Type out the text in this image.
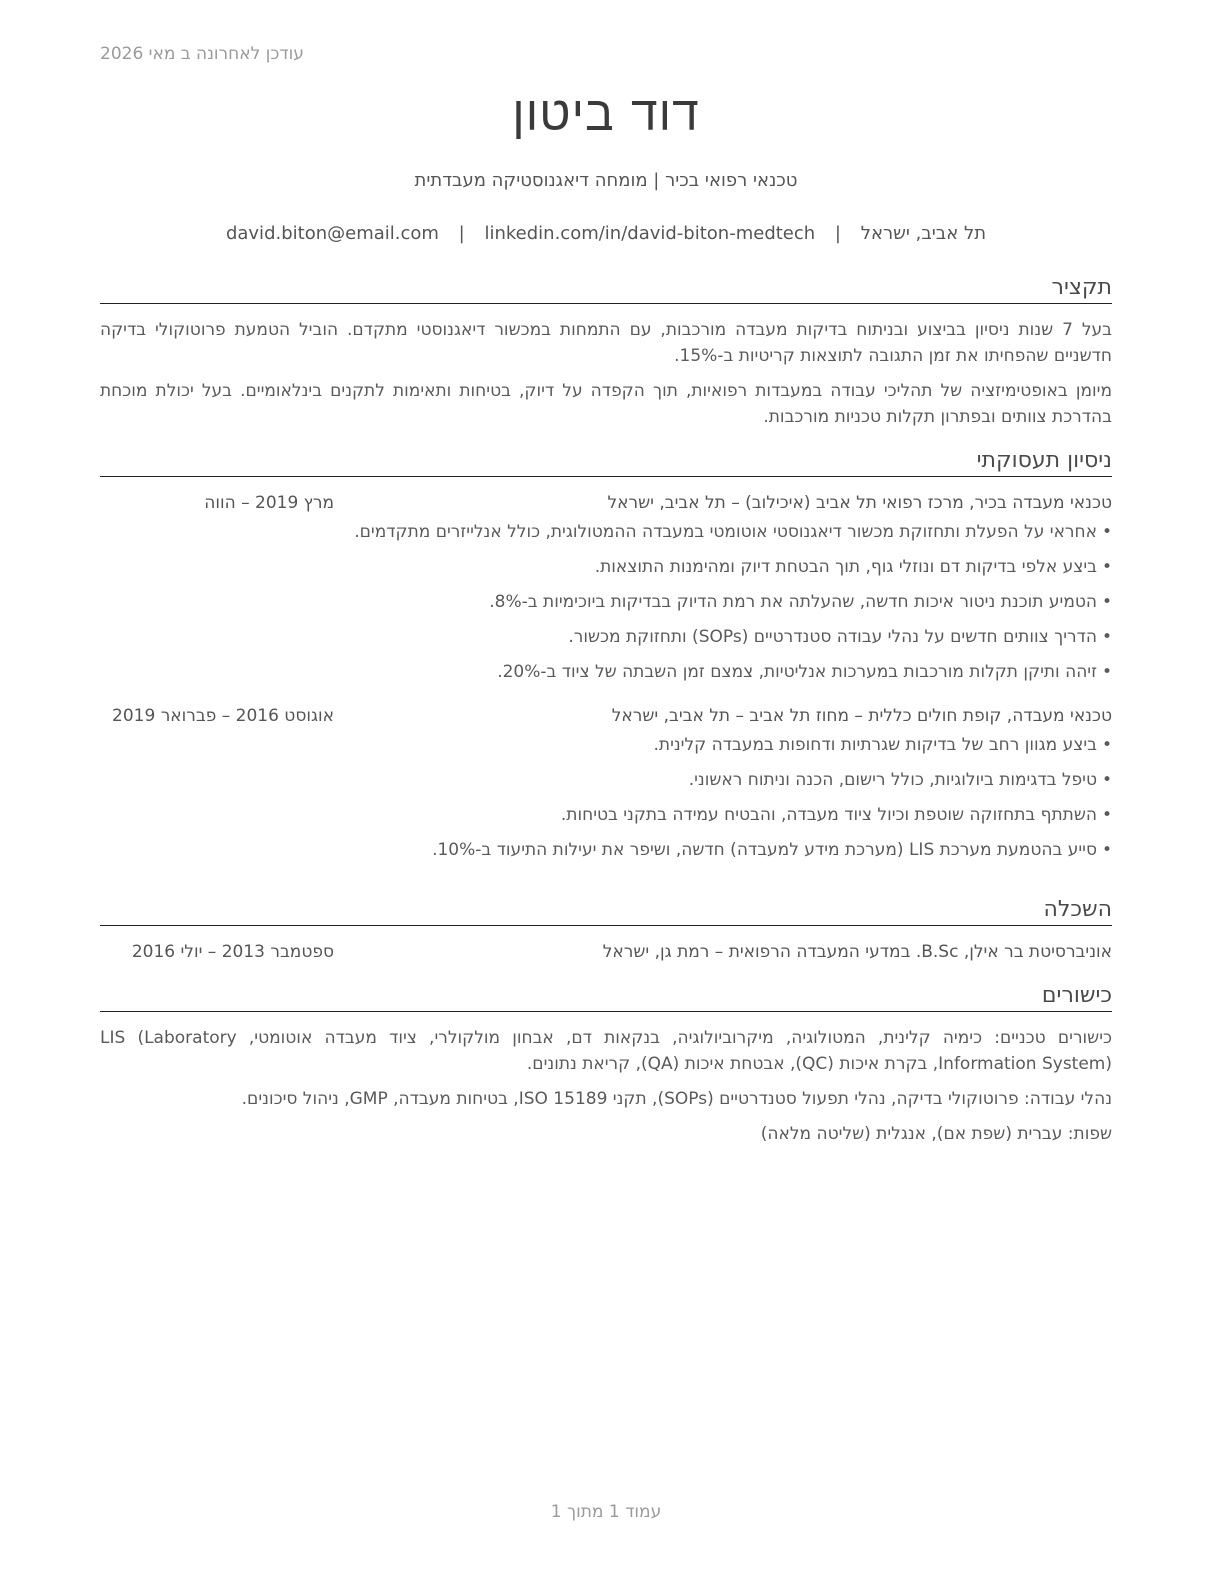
עודכן לאחרונה ב מאי 2026
דוד ביטון
טכנאי רפואי בכיר | מומחה דיאגנוסטיקה מעבדתית
תל אביב, ישראל | david.biton@email.com | linkedin.com/in/david-biton-medtech
תקציר

בעל 7 שנות ניסיון בביצוע ובניתוח בדיקות מעבדה מורכבות, עם התמחות במכשור דיאגנוסטי מתקדם. הוביל הטמעת פרוטוקולי בדיקה חדשניים שהפחיתו את זמן התגובה לתוצאות קריטיות ב-15%.

מיומן באופטימיזציה של תהליכי עבודה במעבדות רפואיות, תוך הקפדה על דיוק, בטיחות ותאימות לתקנים בינלאומיים. בעל יכולת מוכחת בהדרכת צוותים ובפתרון תקלות טכניות מורכבות.

ניסיון תעסוקתי
טכנאי מעבדה בכיר, מרכז רפואי תל אביב (איכילוב) – תל אביב, ישראל
מרץ 2019 – הווה
• אחראי על הפעלת ותחזוקת מכשור דיאגנוסטי אוטומטי במעבדה ההמטולוגית, כולל אנלייזרים מתקדמים.
• ביצע אלפי בדיקות דם ונוזלי גוף, תוך הבטחת דיוק ומהימנות התוצאות.
• הטמיע תוכנת ניטור איכות חדשה, שהעלתה את רמת הדיוק בבדיקות ביוכימיות ב-8%.
• הדריך צוותים חדשים על נהלי עבודה סטנדרטיים (SOPs) ותחזוקת מכשור.
• זיהה ותיקן תקלות מורכבות במערכות אנליטיות, צמצם זמן השבתה של ציוד ב-20%.
טכנאי מעבדה, קופת חולים כללית – מחוז תל אביב – תל אביב, ישראל
אוגוסט 2016 – פברואר 2019
• ביצע מגוון רחב של בדיקות שגרתיות ודחופות במעבדה קלינית.
• טיפל בדגימות ביולוגיות, כולל רישום, הכנה וניתוח ראשוני.
• השתתף בתחזוקה שוטפת וכיול ציוד מעבדה, והבטיח עמידה בתקני בטיחות.
• סייע בהטמעת מערכת LIS (מערכת מידע למעבדה) חדשה, ושיפר את יעילות התיעוד ב-10%.
השכלה
אוניברסיטת בר אילן, B.Sc. במדעי המעבדה הרפואית – רמת גן, ישראל
ספטמבר 2013 – יולי 2016
כישורים

כישורים טכניים: כימיה קלינית, המטולוגיה, מיקרוביולוגיה, בנקאות דם, אבחון מולקולרי, ציוד מעבדה אוטומטי, LIS (Laboratory Information System), בקרת איכות (QC), אבטחת איכות (QA), קריאת נתונים.

נהלי עבודה: פרוטוקולי בדיקה, נהלי תפעול סטנדרטיים (SOPs), תקני ISO 15189, בטיחות מעבדה, GMP, ניהול סיכונים.

שפות: עברית (שפת אם), אנגלית (שליטה מלאה)

עמוד 1 מתוך 1
